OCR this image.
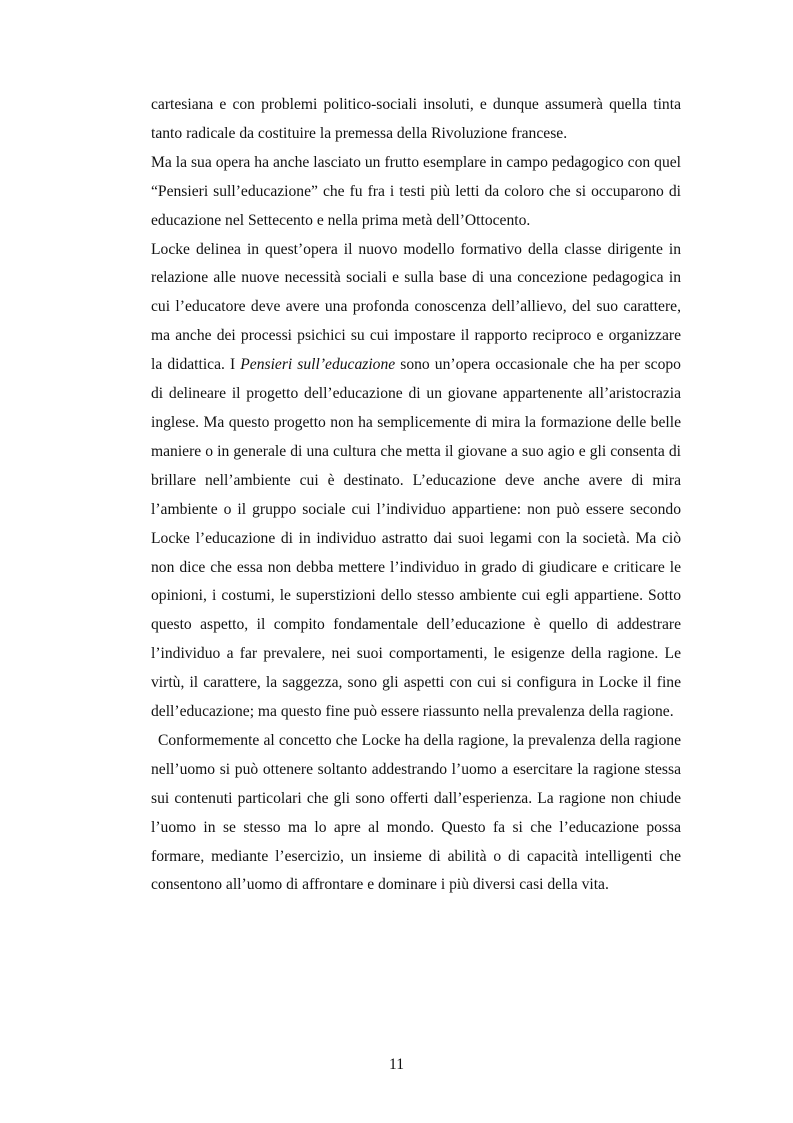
cartesiana e con problemi politico-sociali insoluti, e dunque assumerà quella tinta tanto radicale da costituire la premessa della Rivoluzione francese.

Ma la sua opera ha anche lasciato un frutto esemplare in campo pedagogico con quel “Pensieri sull’educazione” che fu fra i testi più letti da coloro che si occuparono di educazione nel Settecento e nella prima metà dell’Ottocento.

Locke delinea in quest’opera il nuovo modello formativo della classe dirigente in relazione alle nuove necessità sociali e sulla base di una concezione pedagogica in cui l’educatore deve avere una profonda conoscenza dell’allievo, del suo carattere, ma anche dei processi psichici su cui impostare il rapporto reciproco e organizzare la didattica. I Pensieri sull’educazione sono un’opera occasionale che ha per scopo di delineare il progetto dell’educazione di un giovane appartenente all’aristocrazia inglese. Ma questo progetto non ha semplicemente di mira la formazione delle belle maniere o in generale di una cultura che metta il giovane a suo agio e gli consenta di brillare nell’ambiente cui è destinato. L’educazione deve anche avere di mira l’ambiente o il gruppo sociale cui l’individuo appartiene: non può essere secondo Locke l’educazione di in individuo astratto dai suoi legami con la società. Ma ciò non dice che essa non debba mettere l’individuo in grado di giudicare e criticare le opinioni, i costumi, le superstizioni dello stesso ambiente cui egli appartiene. Sotto questo aspetto, il compito fondamentale dell’educazione è quello di addestrare l’individuo a far prevalere, nei suoi comportamenti, le esigenze della ragione. Le virtù, il carattere, la saggezza, sono gli aspetti con cui si configura in Locke il fine dell’educazione; ma questo fine può essere riassunto nella prevalenza della ragione.

Conformemente al concetto che Locke ha della ragione, la prevalenza della ragione nell’uomo si può ottenere soltanto addestrando l’uomo a esercitare la ragione stessa sui contenuti particolari che gli sono offerti dall’esperienza. La ragione non chiude l’uomo in se stesso ma lo apre al mondo. Questo fa si che l’educazione possa formare, mediante l’esercizio, un insieme di abilità o di capacità intelligenti che consentono all’uomo di affrontare e dominare i più diversi casi della vita.

11
